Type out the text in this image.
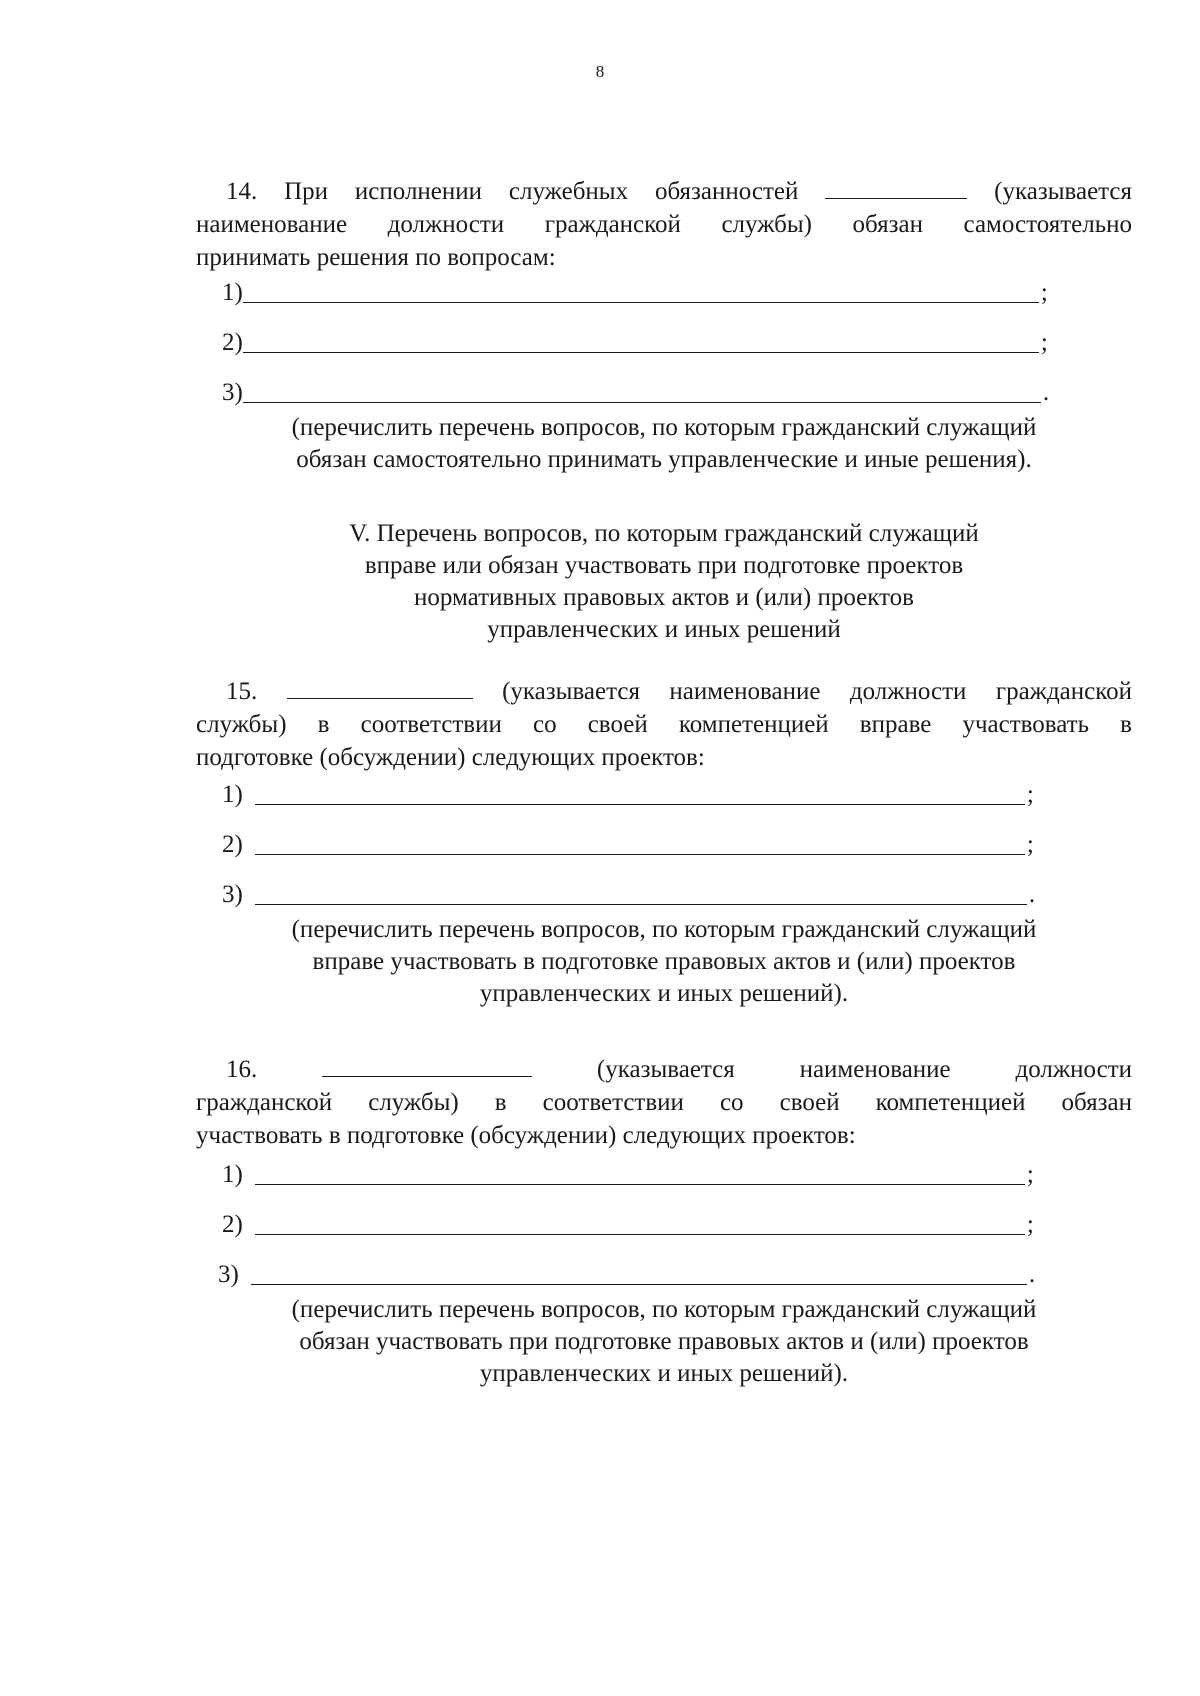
8
14. При исполнении служебных обязанностей	(указывается
наименование должности гражданской службы) обязан самостоятельно
принимать решения по вопросам:
1)	;
2)	;
3)	.
(перечислить перечень вопросов, по которым гражданский служащий
обязан самостоятельно принимать управленческие и иные решения).
V. Перечень вопросов, по которым гражданский служащий
вправе или обязан участвовать при подготовке проектов
нормативных правовых актов и (или) проектов
управленческих и иных решений
15.	(указывается наименование должности гражданской
службы) в соответствии со своей компетенцией вправе участвовать в
подготовке (обсуждении) следующих проектов:
1)	;
2)	;
3)	.
(перечислить перечень вопросов, по которым гражданский служащий
вправе участвовать в подготовке правовых актов и (или) проектов
управленческих и иных решений).
16.	(указывается наименование должности
гражданской службы) в соответствии со своей компетенцией обязан
участвовать в подготовке (обсуждении) следующих проектов:
1)	;
2)	;
3)	.
(перечислить перечень вопросов, по которым гражданский служащий
обязан участвовать при подготовке правовых актов и (или) проектов
управленческих и иных решений).
